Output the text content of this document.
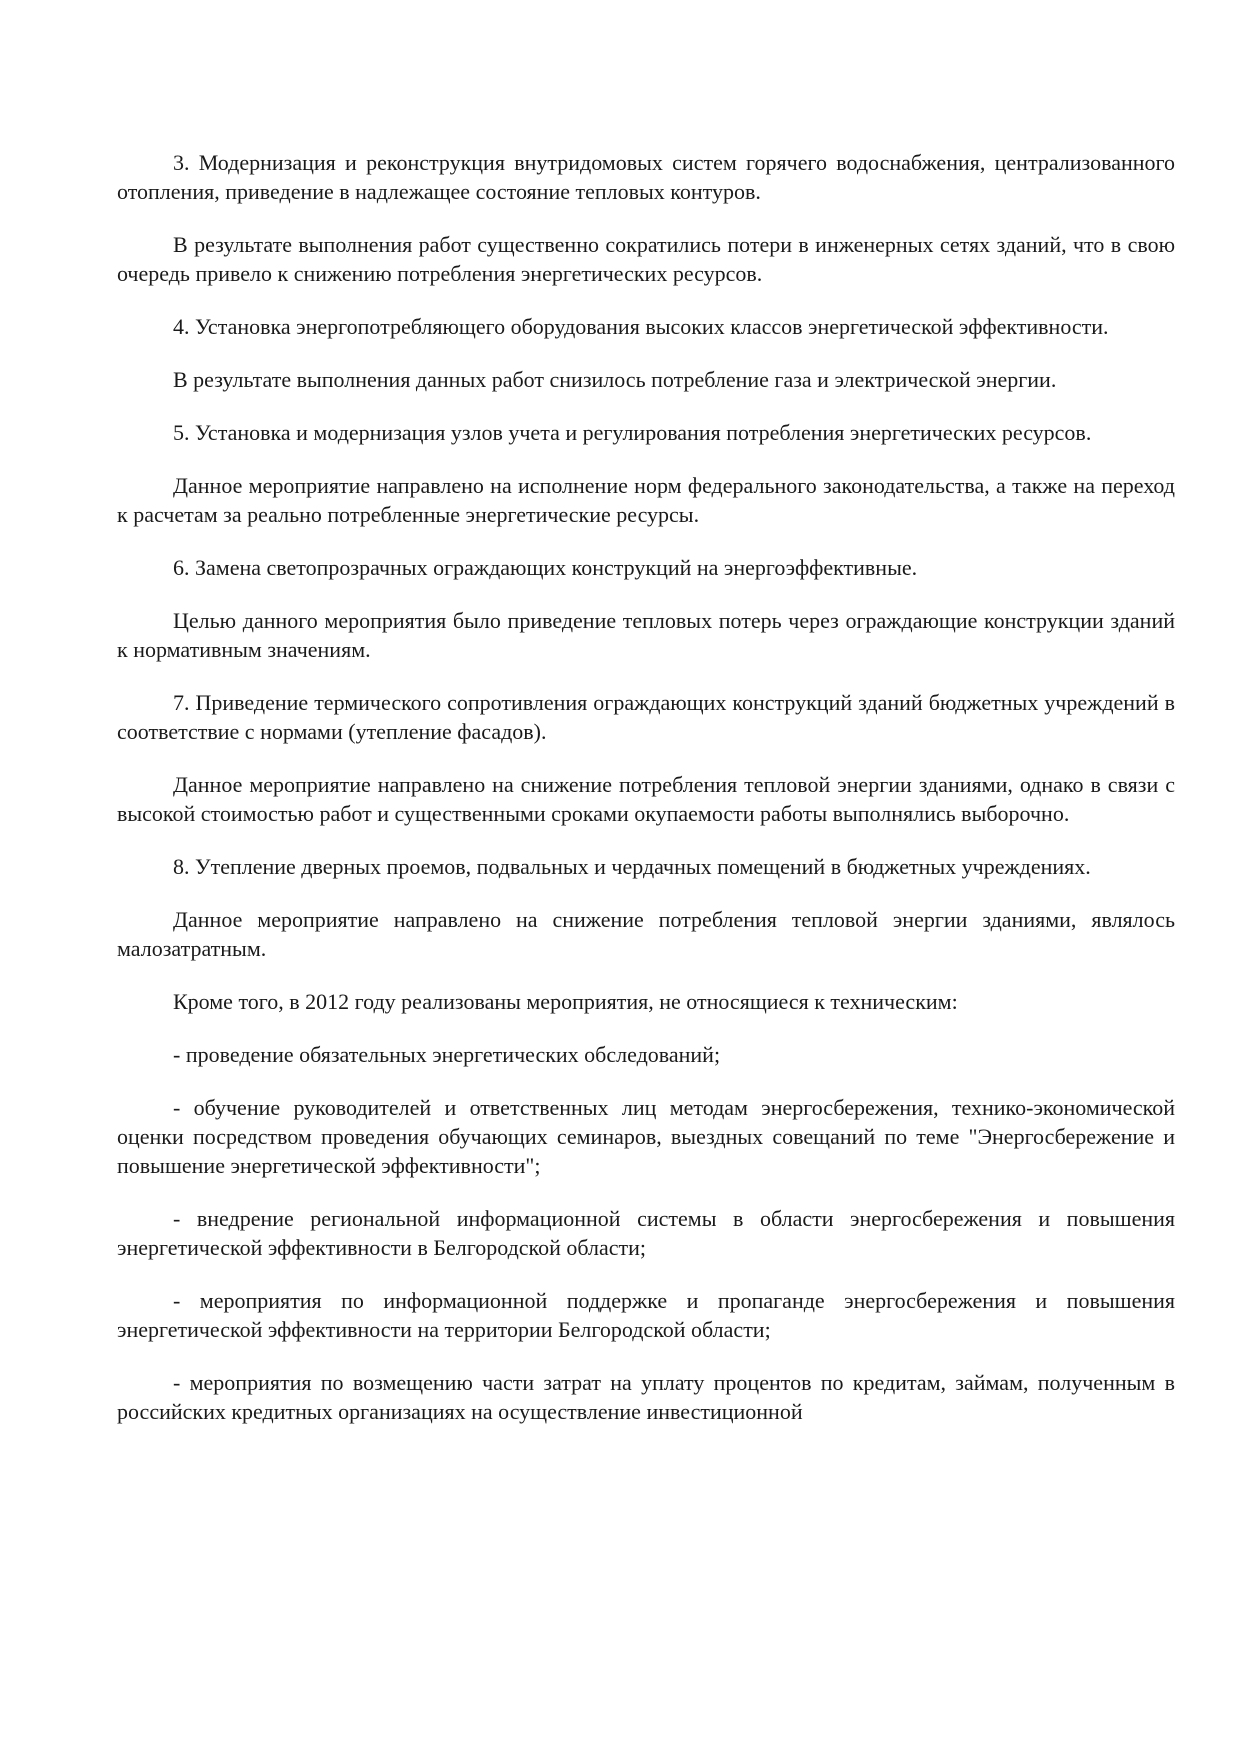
3. Модернизация и реконструкция внутридомовых систем горячего водоснабжения, централизованного отопления, приведение в надлежащее состояние тепловых контуров.

В результате выполнения работ существенно сократились потери в инженерных сетях зданий, что в свою очередь привело к снижению потребления энергетических ресурсов.

4. Установка энергопотребляющего оборудования высоких классов энергетической эффективности.

В результате выполнения данных работ снизилось потребление газа и электрической энергии.

5. Установка и модернизация узлов учета и регулирования потребления энергетических ресурсов.

Данное мероприятие направлено на исполнение норм федерального законодательства, а также на переход к расчетам за реально потребленные энергетические ресурсы.

6. Замена светопрозрачных ограждающих конструкций на энергоэффективные.

Целью данного мероприятия было приведение тепловых потерь через ограждающие конструкции зданий к нормативным значениям.

7. Приведение термического сопротивления ограждающих конструкций зданий бюджетных учреждений в соответствие с нормами (утепление фасадов).

Данное мероприятие направлено на снижение потребления тепловой энергии зданиями, однако в связи с высокой стоимостью работ и существенными сроками окупаемости работы выполнялись выборочно.

8. Утепление дверных проемов, подвальных и чердачных помещений в бюджетных учреждениях.

Данное мероприятие направлено на снижение потребления тепловой энергии зданиями, являлось малозатратным.

Кроме того, в 2012 году реализованы мероприятия, не относящиеся к техническим:

- проведение обязательных энергетических обследований;

- обучение руководителей и ответственных лиц методам энергосбережения, технико-экономической оценки посредством проведения обучающих семинаров, выездных совещаний по теме "Энергосбережение и повышение энергетической эффективности";

- внедрение региональной информационной системы в области энергосбережения и повышения энергетической эффективности в Белгородской области;

- мероприятия по информационной поддержке и пропаганде энергосбережения и повышения энергетической эффективности на территории Белгородской области;

- мероприятия по возмещению части затрат на уплату процентов по кредитам, займам, полученным в российских кредитных организациях на осуществление инвестиционной
